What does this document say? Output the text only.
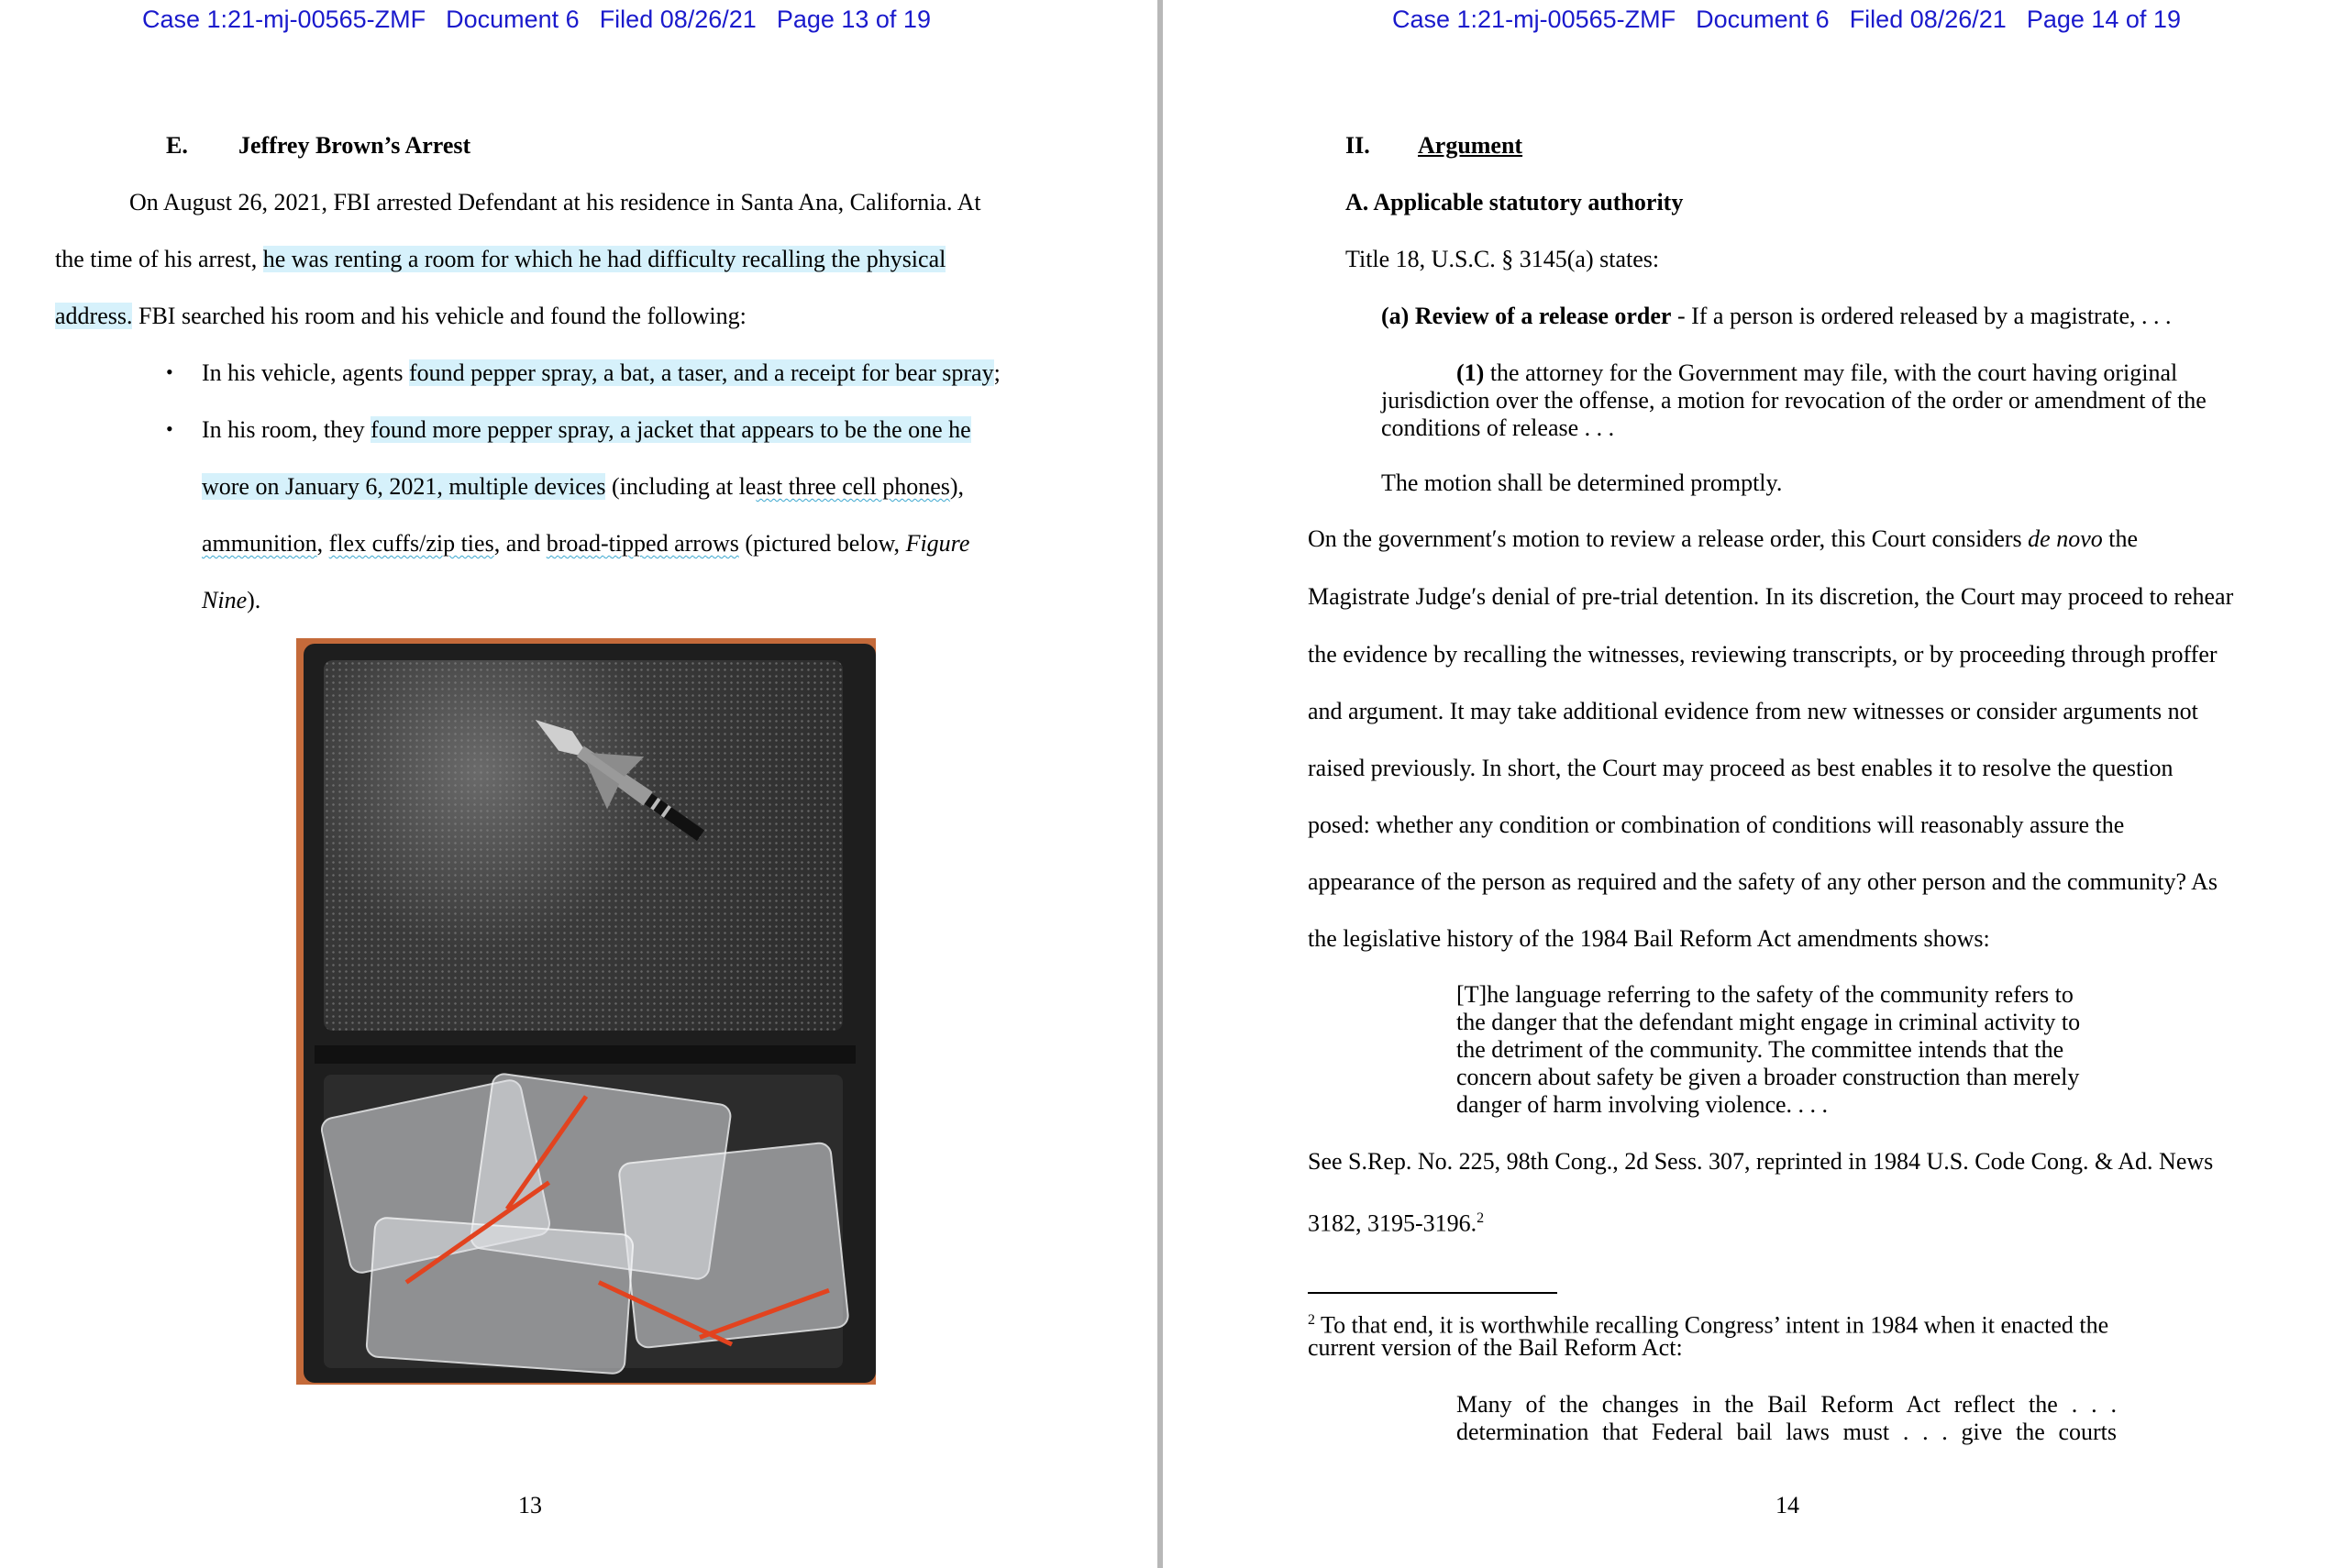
Case 1:21-mj-00565-ZMF Document 6 Filed 08/26/21 Page 13 of 19
E. Jeffrey Brown’s Arrest
On August 26, 2021, FBI arrested Defendant at his residence in Santa Ana, California. At
the time of his arrest, he was renting a room for which he had difficulty recalling the physical
address. FBI searched his room and his vehicle and found the following:
• In his vehicle, agents found pepper spray, a bat, a taser, and a receipt for bear spray;
• In his room, they found more pepper spray, a jacket that appears to be the one he
wore on January 6, 2021, multiple devices (including at least three cell phones),
ammunition, flex cuffs/zip ties, and broad-tipped arrows (pictured below, Figure
Nine).
13
Case 1:21-mj-00565-ZMF Document 6 Filed 08/26/21 Page 14 of 19
II. Argument
A. Applicable statutory authority
Title 18, U.S.C. § 3145(a) states:
(a) Review of a release order - If a person is ordered released by a magistrate, . . .
(1) the attorney for the Government may file, with the court having original
jurisdiction over the offense, a motion for revocation of the order or amendment of the
conditions of release . . .
The motion shall be determined promptly.
On the government′s motion to review a release order, this Court considers de novo the
Magistrate Judge′s denial of pre-trial detention. In its discretion, the Court may proceed to rehear
the evidence by recalling the witnesses, reviewing transcripts, or by proceeding through proffer
and argument. It may take additional evidence from new witnesses or consider arguments not
raised previously. In short, the Court may proceed as best enables it to resolve the question
posed: whether any condition or combination of conditions will reasonably assure the
appearance of the person as required and the safety of any other person and the community? As
the legislative history of the 1984 Bail Reform Act amendments shows:
[T]he language referring to the safety of the community refers to
the danger that the defendant might engage in criminal activity to
the detriment of the community. The committee intends that the
concern about safety be given a broader construction than merely
danger of harm involving violence. . . .
See S.Rep. No. 225, 98th Cong., 2d Sess. 307, reprinted in 1984 U.S. Code Cong. & Ad. News
3182, 3195-3196.$^2$
$^2$ To that end, it is worthwhile recalling Congress’ intent in 1984 when it enacted the
current version of the Bail Reform Act:
Many of the changes in the Bail Reform Act reflect the . . .
determination that Federal bail laws must . . . give the courts
14
